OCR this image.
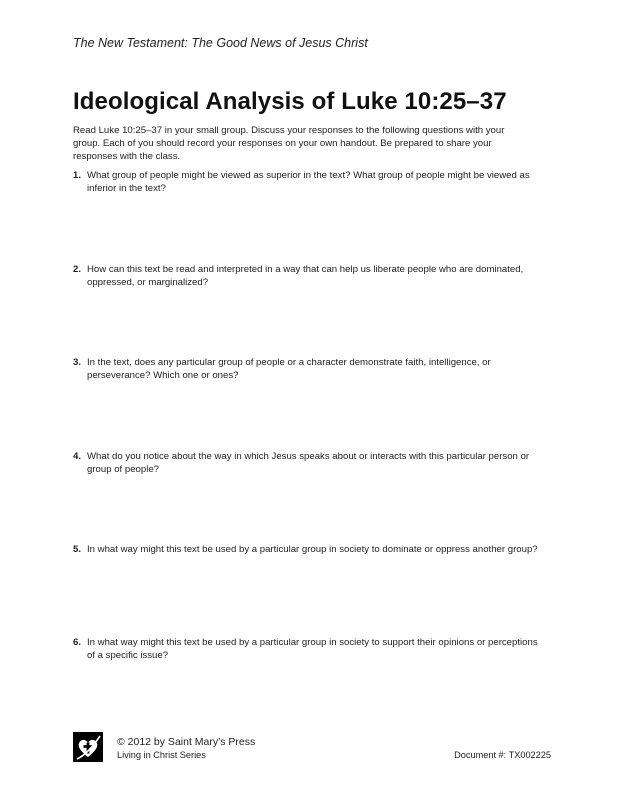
The New Testament: The Good News of Jesus Christ
Ideological Analysis of Luke 10:25–37
Read Luke 10:25–37 in your small group. Discuss your responses to the following questions with your group. Each of you should record your responses on your own handout. Be prepared to share your responses with the class.
1. What group of people might be viewed as superior in the text? What group of people might be viewed as inferior in the text?
2. How can this text be read and interpreted in a way that can help us liberate people who are dominated, oppressed, or marginalized?
3. In the text, does any particular group of people or a character demonstrate faith, intelligence, or perseverance? Which one or ones?
4. What do you notice about the way in which Jesus speaks about or interacts with this particular person or group of people?
5. In what way might this text be used by a particular group in society to dominate or oppress another group?
6. In what way might this text be used by a particular group in society to support their opinions or perceptions of a specific issue?
© 2012 by Saint Mary’s Press
Living in Christ Series	Document #: TX002225
